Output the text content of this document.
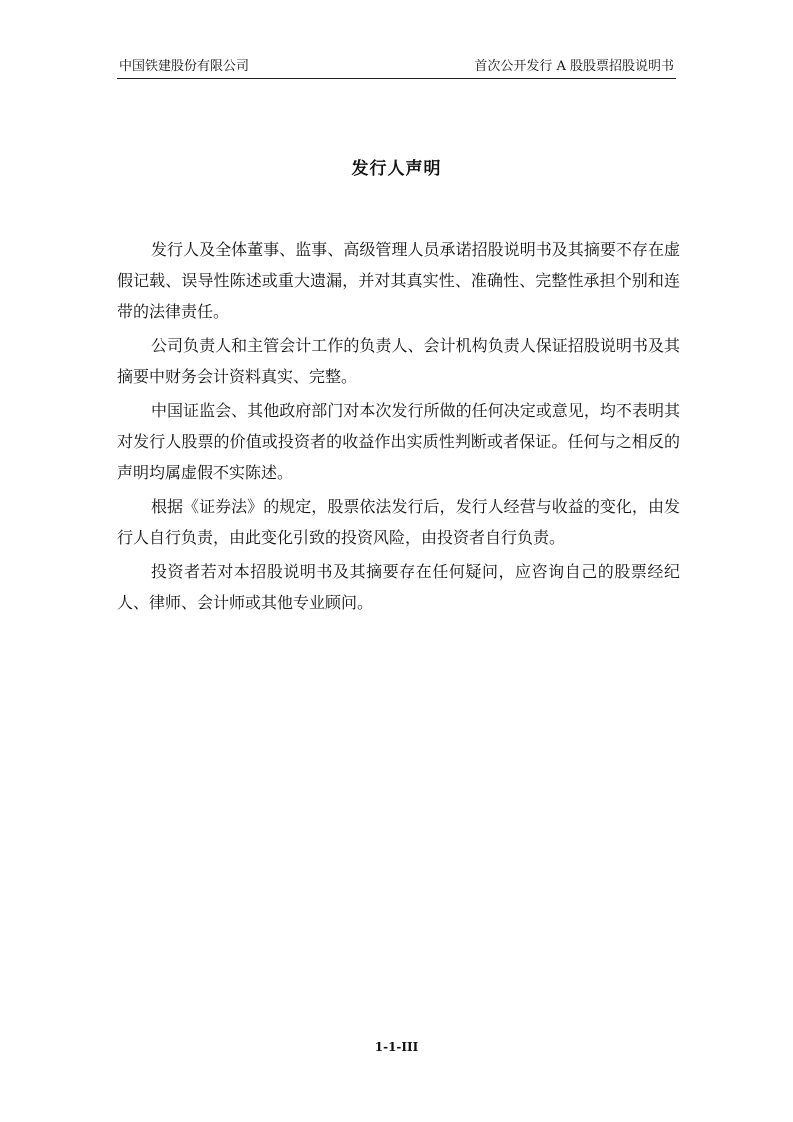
中国铁建股份有限公司	首次公开发行 A 股股票招股说明书
发行人声明

发行人及全体董事、监事、高级管理人员承诺招股说明书及其摘要不存在虚假记载、误导性陈述或重大遗漏，并对其真实性、准确性、完整性承担个别和连带的法律责任。

公司负责人和主管会计工作的负责人、会计机构负责人保证招股说明书及其摘要中财务会计资料真实、完整。

中国证监会、其他政府部门对本次发行所做的任何决定或意见，均不表明其对发行人股票的价值或投资者的收益作出实质性判断或者保证。任何与之相反的声明均属虚假不实陈述。

根据《证券法》的规定，股票依法发行后，发行人经营与收益的变化，由发行人自行负责，由此变化引致的投资风险，由投资者自行负责。

投资者若对本招股说明书及其摘要存在任何疑问，应咨询自己的股票经纪人、律师、会计师或其他专业顾问。

1-1-III
